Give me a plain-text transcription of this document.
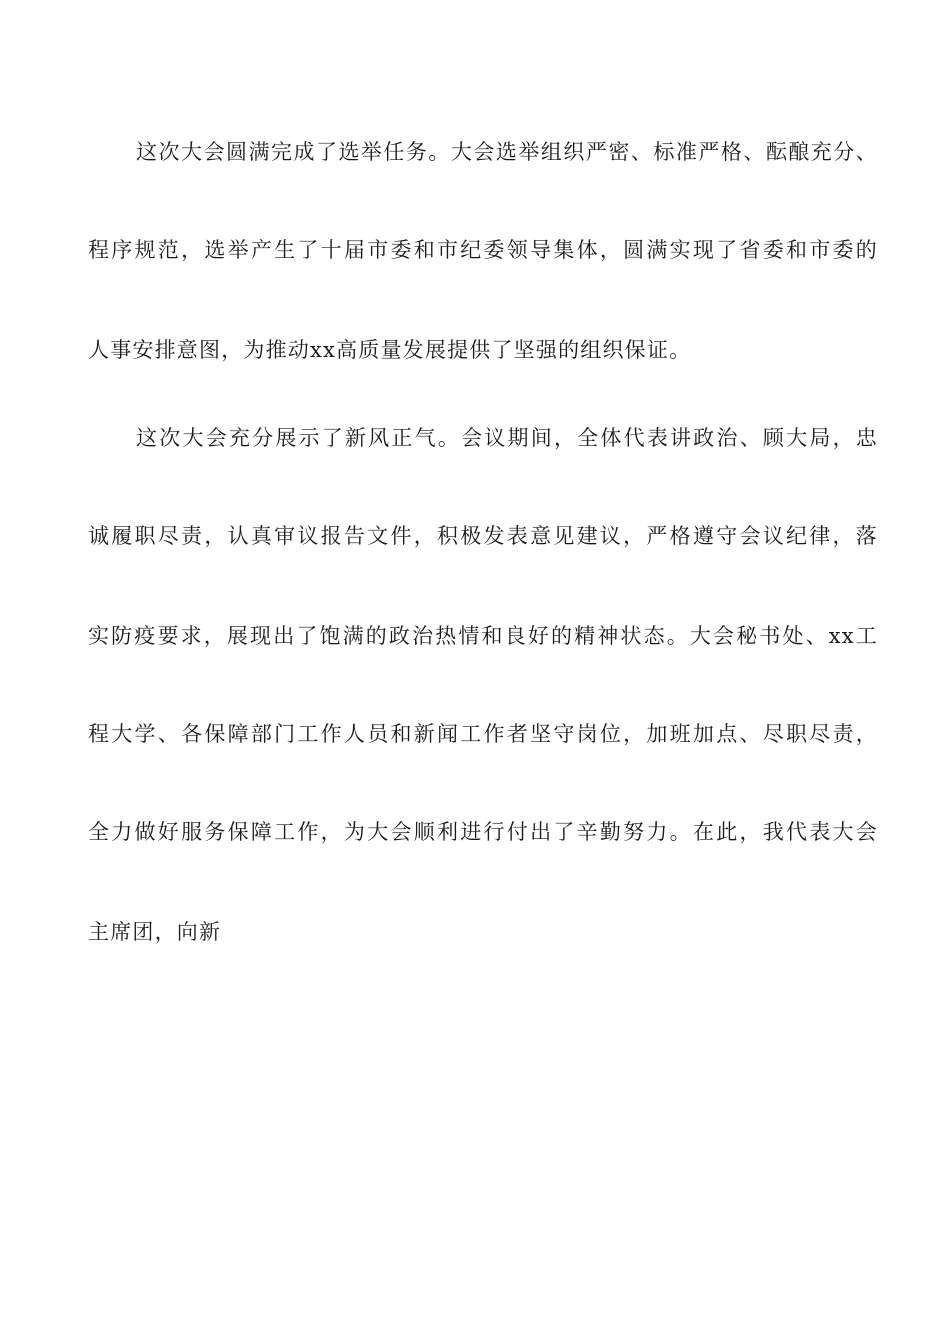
这次大会圆满完成了选举任务。大会选举组织严密、标准严格、酝酿充分、
程序规范，选举产生了十届市委和市纪委领导集体，圆满实现了省委和市委的
人事安排意图，为推动xx高质量发展提供了坚强的组织保证。
这次大会充分展示了新风正气。会议期间，全体代表讲政治、顾大局，忠
诚履职尽责，认真审议报告文件，积极发表意见建议，严格遵守会议纪律，落
实防疫要求，展现出了饱满的政治热情和良好的精神状态。大会秘书处、xx工
程大学、各保障部门工作人员和新闻工作者坚守岗位，加班加点、尽职尽责，
全力做好服务保障工作，为大会顺利进行付出了辛勤努力。在此，我代表大会
主席团，向新
